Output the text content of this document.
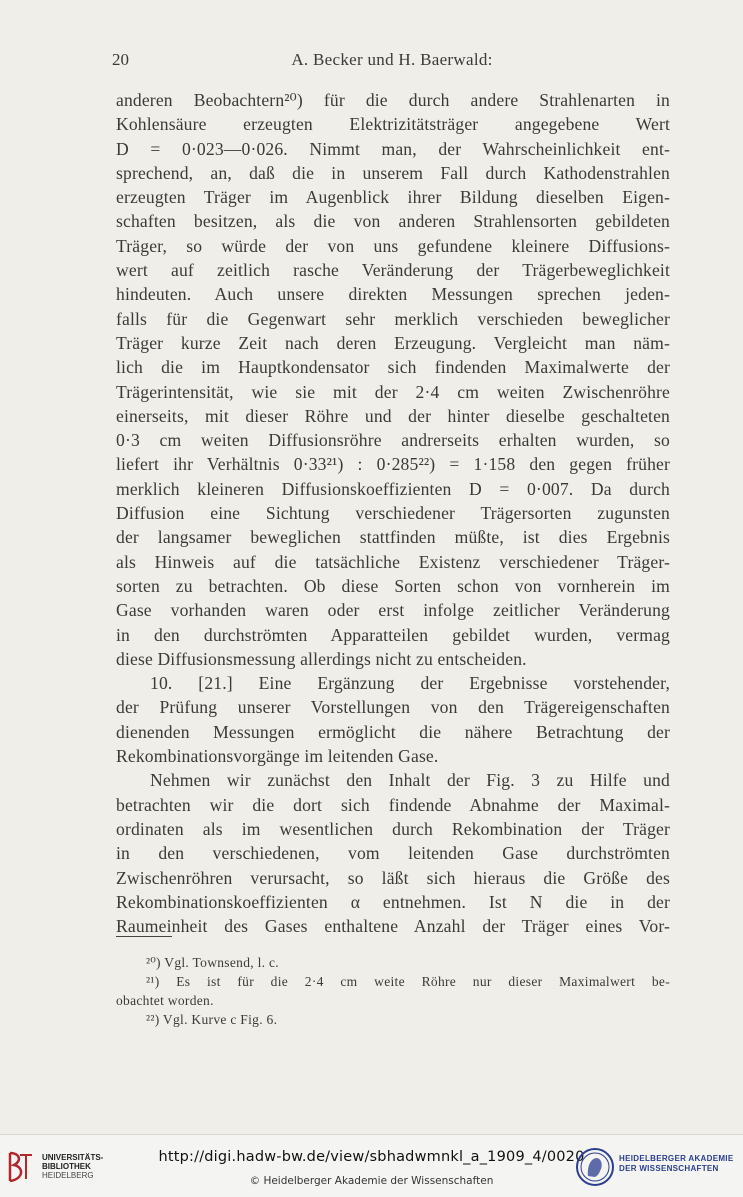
20	A. Becker und H. Baerwald:
anderen Beobachtern²⁰) für die durch andere Strahlenarten in
Kohlensäure erzeugten Elektrizitätsträger angegebene Wert
D = 0·023—0·026. Nimmt man, der Wahrscheinlichkeit ent-
sprechend, an, daß die in unserem Fall durch Kathodenstrahlen
erzeugten Träger im Augenblick ihrer Bildung dieselben Eigen-
schaften besitzen, als die von anderen Strahlensorten gebildeten
Träger, so würde der von uns gefundene kleinere Diffusions-
wert auf zeitlich rasche Veränderung der Trägerbeweglichkeit
hindeuten. Auch unsere direkten Messungen sprechen jeden-
falls für die Gegenwart sehr merklich verschieden beweglicher
Träger kurze Zeit nach deren Erzeugung. Vergleicht man näm-
lich die im Hauptkondensator sich findenden Maximalwerte der
Trägerintensität, wie sie mit der 2·4 cm weiten Zwischenröhre
einerseits, mit dieser Röhre und der hinter dieselbe geschalteten
0·3 cm weiten Diffusionsröhre andrerseits erhalten wurden, so
liefert ihr Verhältnis 0·33²¹) : 0·285²²) = 1·158 den gegen früher
merklich kleineren Diffusionskoeffizienten D = 0·007. Da durch
Diffusion eine Sichtung verschiedener Trägersorten zugunsten
der langsamer beweglichen stattfinden müßte, ist dies Ergebnis
als Hinweis auf die tatsächliche Existenz verschiedener Träger-
sorten zu betrachten. Ob diese Sorten schon von vornherein im
Gase vorhanden waren oder erst infolge zeitlicher Veränderung
in den durchströmten Apparatteilen gebildet wurden, vermag
diese Diffusionsmessung allerdings nicht zu entscheiden.
10. [21.] Eine Ergänzung der Ergebnisse vorstehender,
der Prüfung unserer Vorstellungen von den Trägereigenschaften
dienenden Messungen ermöglicht die nähere Betrachtung der
Rekombinationsvorgänge im leitenden Gase.
Nehmen wir zunächst den Inhalt der Fig. 3 zu Hilfe und
betrachten wir die dort sich findende Abnahme der Maximal-
ordinaten als im wesentlichen durch Rekombination der Träger
in den verschiedenen, vom leitenden Gase durchströmten
Zwischenröhren verursacht, so läßt sich hieraus die Größe des
Rekombinationskoeffizienten α entnehmen. Ist N die in der
Raumeinheit des Gases enthaltene Anzahl der Träger eines Vor-
²⁰) Vgl. Townsend, l. c.
²¹) Es ist für die 2·4 cm weite Röhre nur dieser Maximalwert be-
obachtet worden.
²²) Vgl. Kurve c Fig. 6.
UNIVERSITÄTS-
BIBLIOTHEK
HEIDELBERG
http://digi.hadw-bw.de/view/sbhadwmnkl_a_1909_4/0020
© Heidelberger Akademie der Wissenschaften
HEIDELBERGER AKADEMIE
DER WISSENSCHAFTEN
